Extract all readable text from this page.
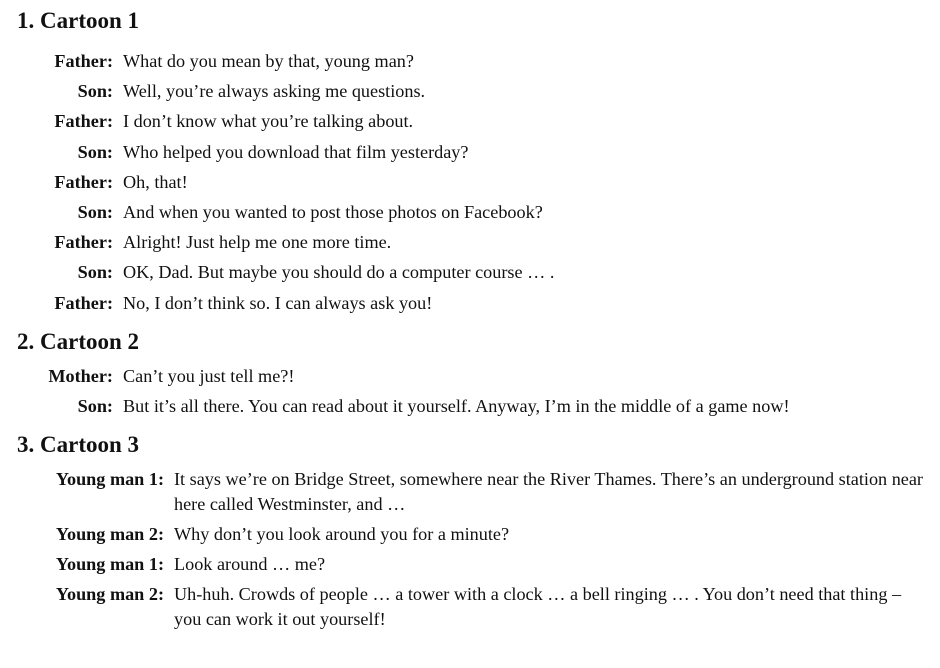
1. Cartoon 1
Father: What do you mean by that, young man?
Son: Well, you’re always asking me questions.
Father: I don’t know what you’re talking about.
Son: Who helped you download that film yesterday?
Father: Oh, that!
Son: And when you wanted to post those photos on Facebook?
Father: Alright! Just help me one more time.
Son: OK, Dad. But maybe you should do a computer course … .
Father: No, I don’t think so. I can always ask you!
2. Cartoon 2
Mother: Can’t you just tell me?!
Son: But it’s all there. You can read about it yourself. Anyway, I’m in the middle of a game now!
3. Cartoon 3
Young man 1: It says we’re on Bridge Street, somewhere near the River Thames. There’s an underground station near here called Westminster, and …
Young man 2: Why don’t you look around you for a minute?
Young man 1: Look around … me?
Young man 2: Uh-huh. Crowds of people … a tower with a clock … a bell ringing … . You don’t need that thing – you can work it out yourself!
